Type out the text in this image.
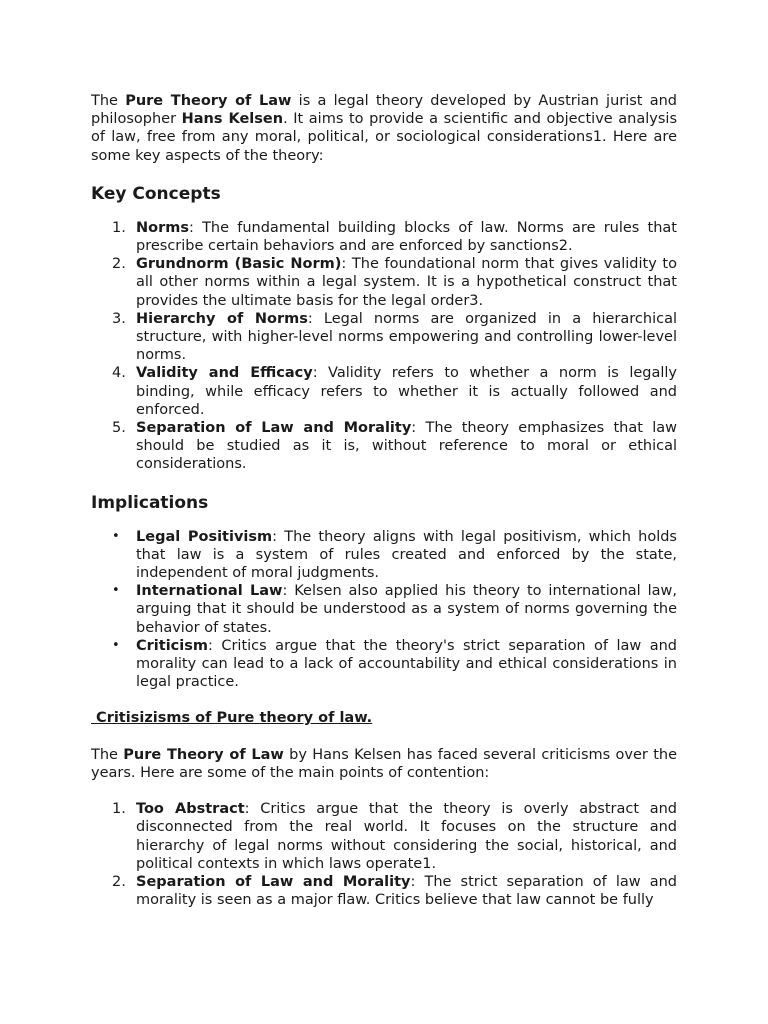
The Pure Theory of Law is a legal theory developed by Austrian jurist and philosopher Hans Kelsen. It aims to provide a scientific and objective analysis of law, free from any moral, political, or sociological considerations1. Here are some key aspects of the theory:

Key Concepts
1. Norms: The fundamental building blocks of law. Norms are rules that prescribe certain behaviors and are enforced by sanctions2.
2. Grundnorm (Basic Norm): The foundational norm that gives validity to all other norms within a legal system. It is a hypothetical construct that provides the ultimate basis for the legal order3.
3. Hierarchy of Norms: Legal norms are organized in a hierarchical structure, with higher-level norms empowering and controlling lower-level norms.
4. Validity and Efficacy: Validity refers to whether a norm is legally binding, while efficacy refers to whether it is actually followed and enforced.
5. Separation of Law and Morality: The theory emphasizes that law should be studied as it is, without reference to moral or ethical considerations.
Implications
• Legal Positivism: The theory aligns with legal positivism, which holds that law is a system of rules created and enforced by the state, independent of moral judgments.
• International Law: Kelsen also applied his theory to international law, arguing that it should be understood as a system of norms governing the behavior of states.
• Criticism: Critics argue that the theory's strict separation of law and morality can lead to a lack of accountability and ethical considerations in legal practice.

Critisizisms of Pure theory of law.

The Pure Theory of Law by Hans Kelsen has faced several criticisms over the years. Here are some of the main points of contention:

1. Too Abstract: Critics argue that the theory is overly abstract and disconnected from the real world. It focuses on the structure and hierarchy of legal norms without considering the social, historical, and political contexts in which laws operate1.
2. Separation of Law and Morality: The strict separation of law and morality is seen as a major flaw. Critics believe that law cannot be fully
